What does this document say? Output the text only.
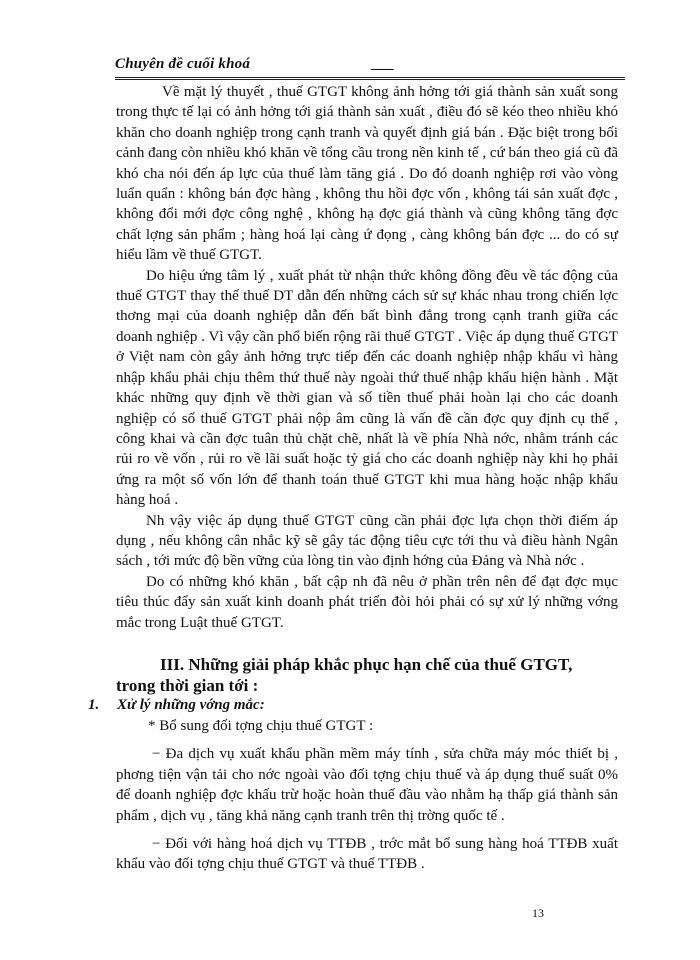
Chuyên đề cuối khoá	___

Về mặt lý thuyết , thuế GTGT không ảnh hởng tới giá thành sản xuất song trong thực tế lại có ảnh hởng tới giá thành sản xuất , điều đó sẽ kéo theo nhiều khó khăn cho doanh nghiệp trong cạnh tranh và quyết định giá bán . Đặc biệt trong bối cảnh đang còn nhiều khó khăn về tổng cầu trong nền kinh tế , cứ bán theo giá cũ đã khó cha nói đến áp lực của thuế làm tăng giá . Do đó doanh nghiệp rơi vào vòng luẩn quẩn : không bán đợc hàng , không thu hồi đợc vốn , không tái sản xuất đợc , không đổi mới đợc công nghệ , không hạ đợc giá thành và cũng không tăng đợc chất lợng sản phẩm ; hàng hoá lại càng ứ đọng , càng không bán đợc ... do có sự hiểu lầm về thuế GTGT.

Do hiệu ứng tâm lý , xuất phát từ nhận thức không đồng đều về tác động của thuế GTGT thay thế thuế DT dẫn đến những cách sử sự khác nhau trong chiến lợc thơng mại của doanh nghiệp dẫn đến bất bình đẳng trong cạnh tranh giữa các doanh nghiệp . Vì vậy cần phổ biến rộng rãi thuế GTGT . Việc áp dụng thuế GTGT ở Việt nam còn gây ảnh hởng trực tiếp đến các doanh nghiệp nhập khẩu vì hàng nhập khẩu phải chịu thêm thứ thuế này ngoài thứ thuế nhập khẩu hiện hành . Mặt khác những quy định về thời gian và số tiền thuế phải hoàn lại cho các doanh nghiệp có số thuế GTGT phải nộp âm cũng là vấn đề cần đợc quy định cụ thể , công khai và cần đợc tuân thủ chặt chẽ, nhất là về phía Nhà nớc, nhằm tránh các rủi ro về vốn , rủi ro về lãi suất hoặc tỷ giá cho các doanh nghiệp này khi họ phải ứng ra một số vốn lớn để thanh toán thuế GTGT khi mua hàng hoặc nhập khẩu hàng hoá .

Nh vậy việc áp dụng thuế GTGT cũng cần phải đợc lựa chọn thời điểm áp dụng , nếu không cân nhắc kỹ sẽ gây tác động tiêu cực tới thu và điều hành Ngân sách , tới mức độ bền vững của lòng tin vào định hớng của Đảng và Nhà nớc .

Do có những khó khăn , bất cập nh đã nêu ở phần trên nên để đạt đợc mục tiêu thúc đẩy sản xuất kinh doanh phát triển đòi hỏi phải có sự xử lý những vớng mắc trong Luật thuế GTGT.

III. Những giải pháp khắc phục hạn chế của thuế GTGT,
trong thời gian tới :
1. Xử lý những vớng mắc:

* Bổ sung đối tợng chịu thuế GTGT :

− Đa dịch vụ xuất khẩu phần mềm máy tính , sửa chữa máy móc thiết bị , phơng tiện vận tải cho nớc ngoài vào đối tợng chịu thuế và áp dụng thuế suất 0% để doanh nghiệp đợc khấu trừ hoặc hoàn thuế đầu vào nhằm hạ thấp giá thành sản phẩm , dịch vụ , tăng khả năng cạnh tranh trên thị trờng quốc tế .

− Đối với hàng hoá dịch vụ TTĐB , trớc mắt bổ sung hàng hoá TTĐB xuất khẩu vào đối tợng chịu thuế GTGT và thuế TTĐB .

13
